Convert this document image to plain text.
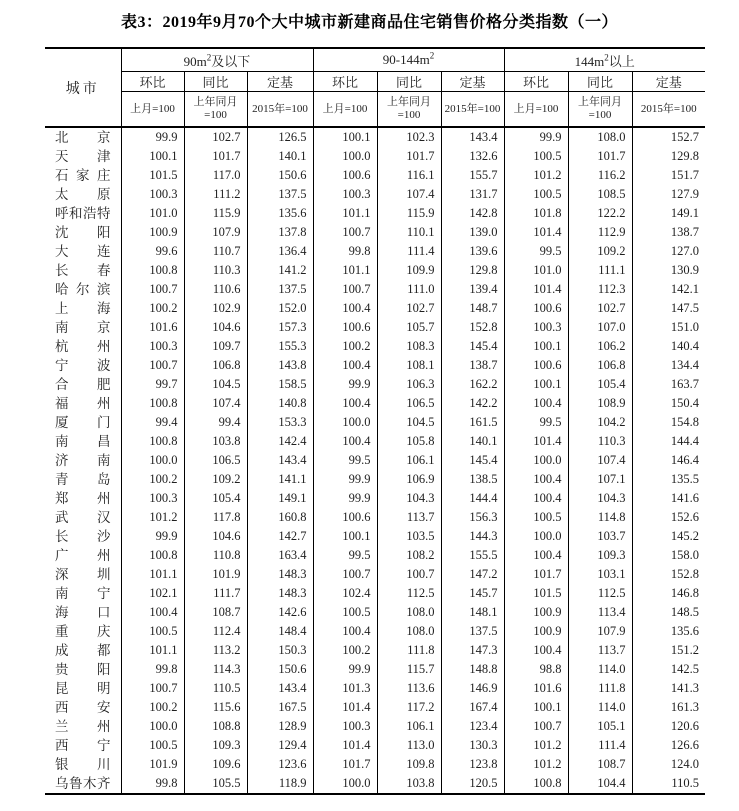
表3：2019年9月70个大中城市新建商品住宅销售价格分类指数（一）
城市	$90m^2$及以下			$90-144m^2$			$144m^2$以上		
	环比	同比	定基	环比	同比	定基	环比	同比	定基
	上月=100	上年同月=100	2015年=100	上月=100	上年同月=100	2015年=100	上月=100	上年同月=100	2015年=100

北 京	99.9	102.7	126.5	100.1	102.3	143.4	99.9	108.0	152.7

天 津	100.1	101.7	140.1	100.0	101.7	132.6	100.5	101.7	129.8

石 家 庄	101.5	117.0	150.6	100.6	116.1	155.7	101.2	116.2	151.7

太 原	100.3	111.2	137.5	100.3	107.4	131.7	100.5	108.5	127.9

呼 和 浩 特	101.0	115.9	135.6	101.1	115.9	142.8	101.8	122.2	149.1

沈 阳	100.9	107.9	137.8	100.7	110.1	139.0	101.4	112.9	138.7

大 连	99.6	110.7	136.4	99.8	111.4	139.6	99.5	109.2	127.0

长 春	100.8	110.3	141.2	101.1	109.9	129.8	101.0	111.1	130.9

哈 尔 滨	100.7	110.6	137.5	100.7	111.0	139.4	101.4	112.3	142.1

上 海	100.2	102.9	152.0	100.4	102.7	148.7	100.6	102.7	147.5

南 京	101.6	104.6	157.3	100.6	105.7	152.8	100.3	107.0	151.0

杭 州	100.3	109.7	155.3	100.2	108.3	145.4	100.1	106.2	140.4

宁 波	100.7	106.8	143.8	100.4	108.1	138.7	100.6	106.8	134.4

合 肥	99.7	104.5	158.5	99.9	106.3	162.2	100.1	105.4	163.7

福 州	100.8	107.4	140.8	100.4	106.5	142.2	100.4	108.9	150.4

厦 门	99.4	99.4	153.3	100.0	104.5	161.5	99.5	104.2	154.8

南 昌	100.8	103.8	142.4	100.4	105.8	140.1	101.4	110.3	144.4

济 南	100.0	106.5	143.4	99.5	106.1	145.4	100.0	107.4	146.4

青 岛	100.2	109.2	141.1	99.9	106.9	138.5	100.4	107.1	135.5

郑 州	100.3	105.4	149.1	99.9	104.3	144.4	100.4	104.3	141.6

武 汉	101.2	117.8	160.8	100.6	113.7	156.3	100.5	114.8	152.6

长 沙	99.9	104.6	142.7	100.1	103.5	144.3	100.0	103.7	145.2

广 州	100.8	110.8	163.4	99.5	108.2	155.5	100.4	109.3	158.0

深 圳	101.1	101.9	148.3	100.7	100.7	147.2	101.7	103.1	152.8

南 宁	102.1	111.7	148.3	102.4	112.5	145.7	101.5	112.5	146.8

海 口	100.4	108.7	142.6	100.5	108.0	148.1	100.9	113.4	148.5

重 庆	100.5	112.4	148.4	100.4	108.0	137.5	100.9	107.9	135.6

成 都	101.1	113.2	150.3	100.2	111.8	147.3	100.4	113.7	151.2

贵 阳	99.8	114.3	150.6	99.9	115.7	148.8	98.8	114.0	142.5

昆 明	100.7	110.5	143.4	101.3	113.6	146.9	101.6	111.8	141.3

西 安	100.2	115.6	167.5	101.4	117.2	167.4	100.1	114.0	161.3

兰 州	100.0	108.8	128.9	100.3	106.1	123.4	100.7	105.1	120.6

西 宁	100.5	109.3	129.4	101.4	113.0	130.3	101.2	111.4	126.6

银 川	101.9	109.6	123.6	101.7	109.8	123.8	101.2	108.7	124.0

乌 鲁 木 齐	99.8	105.5	118.9	100.0	103.8	120.5	100.8	104.4	110.5
